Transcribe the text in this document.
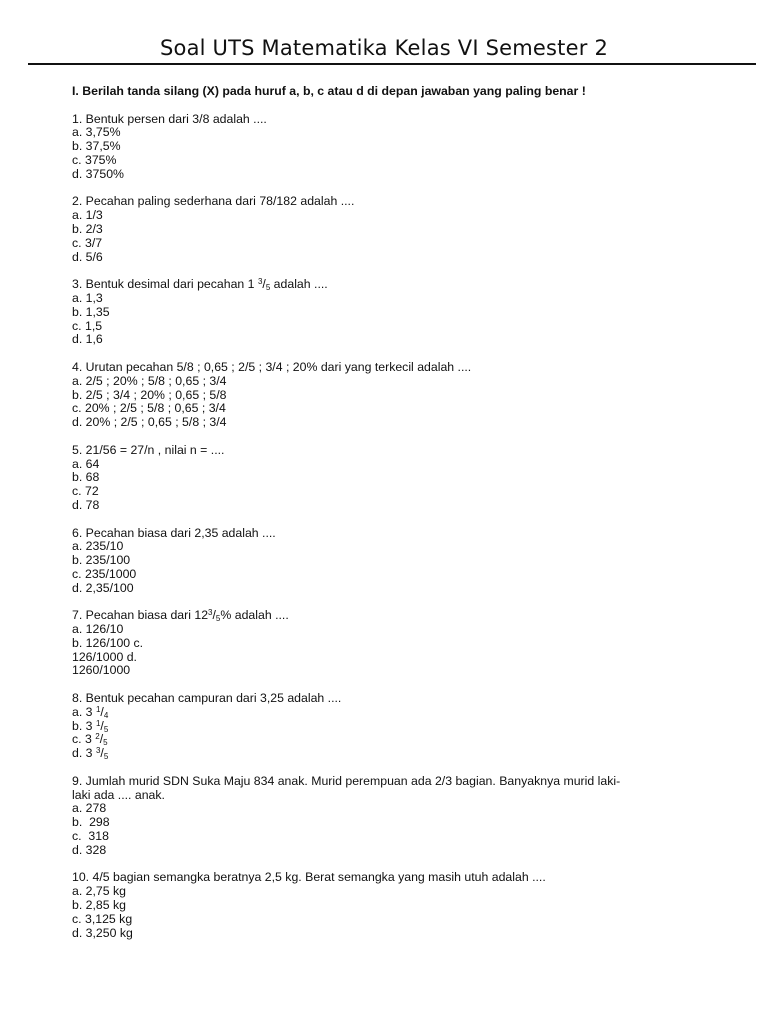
Soal UTS Matematika Kelas VI Semester 2
I. Berilah tanda silang (X) pada huruf a, b, c atau d di depan jawaban yang paling benar !
1. Bentuk persen dari 3/8 adalah ....
a. 3,75%
b. 37,5%
c. 375%
d. 3750%
2. Pecahan paling sederhana dari 78/182 adalah ....
a. 1/3
b. 2/3
c. 3/7
d. 5/6
3. Bentuk desimal dari pecahan 1 $^3/_5$ adalah ....
a. 1,3
b. 1,35
c. 1,5
d. 1,6
4. Urutan pecahan 5/8 ; 0,65 ; 2/5 ; 3/4 ; 20% dari yang terkecil adalah ....
a. 2/5 ; 20% ; 5/8 ; 0,65 ; 3/4
b. 2/5 ; 3/4 ; 20% ; 0,65 ; 5/8
c. 20% ; 2/5 ; 5/8 ; 0,65 ; 3/4
d. 20% ; 2/5 ; 0,65 ; 5/8 ; 3/4
5. 21/56 = 27/n , nilai n = ....
a. 64
b. 68
c. 72
d. 78
6. Pecahan biasa dari 2,35 adalah ....
a. 235/10
b. 235/100
c. 235/1000
d. 2,35/100
7. Pecahan biasa dari $12^3/_5\%$ adalah ....
a. 126/10
b. 126/100 c.
126/1000 d.
1260/1000
8. Bentuk pecahan campuran dari 3,25 adalah ....
a. 3 $^1/_4$
b. 3 $^1/_5$
c. 3 $^2/_5$
d. 3 $^3/_5$
9. Jumlah murid SDN Suka Maju 834 anak. Murid perempuan ada 2/3 bagian. Banyaknya murid laki-
laki ada .... anak.
a. 278
b.  298
c.  318
d. 328
10. 4/5 bagian semangka beratnya 2,5 kg. Berat semangka yang masih utuh adalah ....
a. 2,75 kg
b. 2,85 kg
c. 3,125 kg
d. 3,250 kg
